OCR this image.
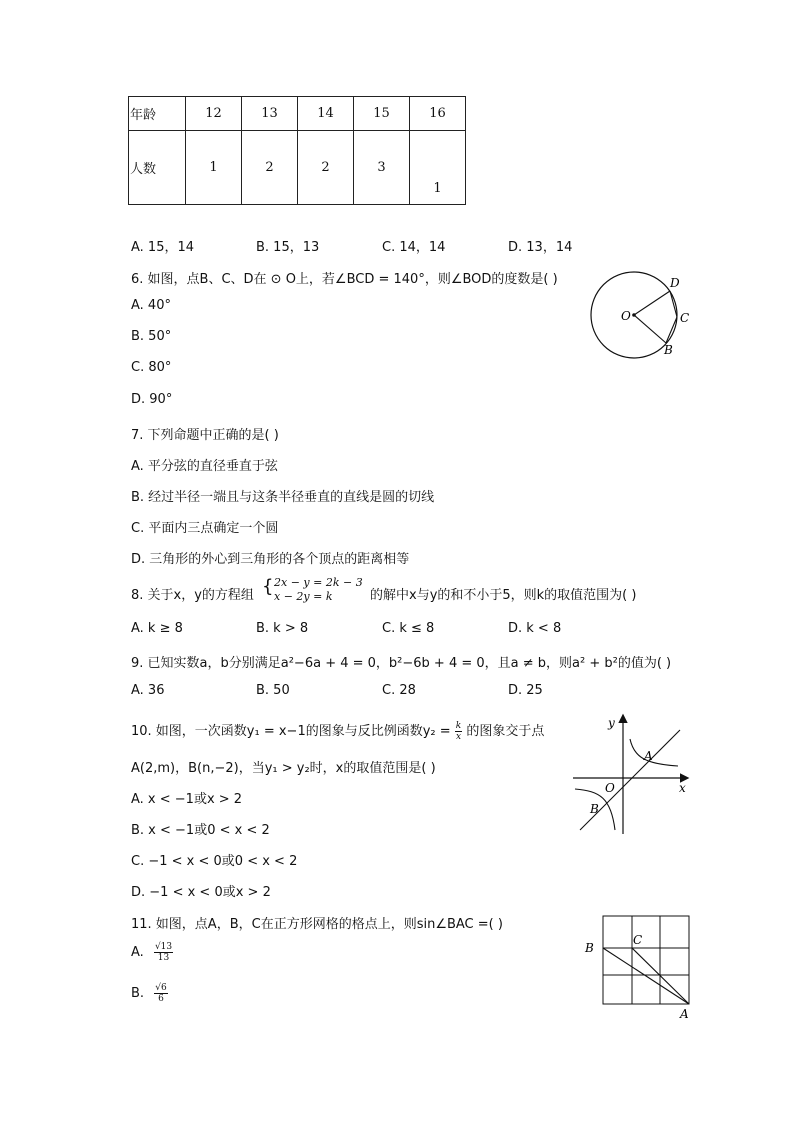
年龄	12	13	14	15	16
人数	1	2	2	3	1
A. 15，14	B. 15，13	C. 14，14	D. 13，14
6. 如图，点B、C、D在 ⊙ O上，若∠BCD = 140°，则∠BOD的度数是( )
A. 40°
B. 50°
C. 80°
D. 90°
O
D
C
B
7. 下列命题中正确的是( )
A. 平分弦的直径垂直于弦
B. 经过半径一端且与这条半径垂直的直线是圆的切线
C. 平面内三点确定一个圆
D. 三角形的外心到三角形的各个顶点的距离相等
8. 关于x，y的方程组 { 2x − y = 2k − 3
x − 2y = k	的解中x与y的和不小于5，则k的取值范围为( )
A. k ≥ 8	B. k > 8	C. k ≤ 8	D. k < 8
9. 已知实数a，b分别满足a²−6a + 4 = 0，b²−6b + 4 = 0，且a ≠ b，则a² + b²的值为( )
A. 36	B. 50	C. 28	D. 25
10. 如图，一次函数y₁ = x−1的图象与反比例函数$y_2 = \frac{k}{x}$ 的图象交于点
A(2,m)，B(n,−2)，当y₁ > y₂时，x的取值范围是( )
A. x < −1或x > 2
B. x < −1或0 < x < 2
C. −1 < x < 0或0 < x < 2
D. −1 < x < 0或x > 2
y
x
O
A
B
11. 如图，点A，B，C在正方形网格的格点上，则sin∠BAC =( )
A. $\frac{√13}{13}$
B. $\frac{√6}{6}$
B
C
A
